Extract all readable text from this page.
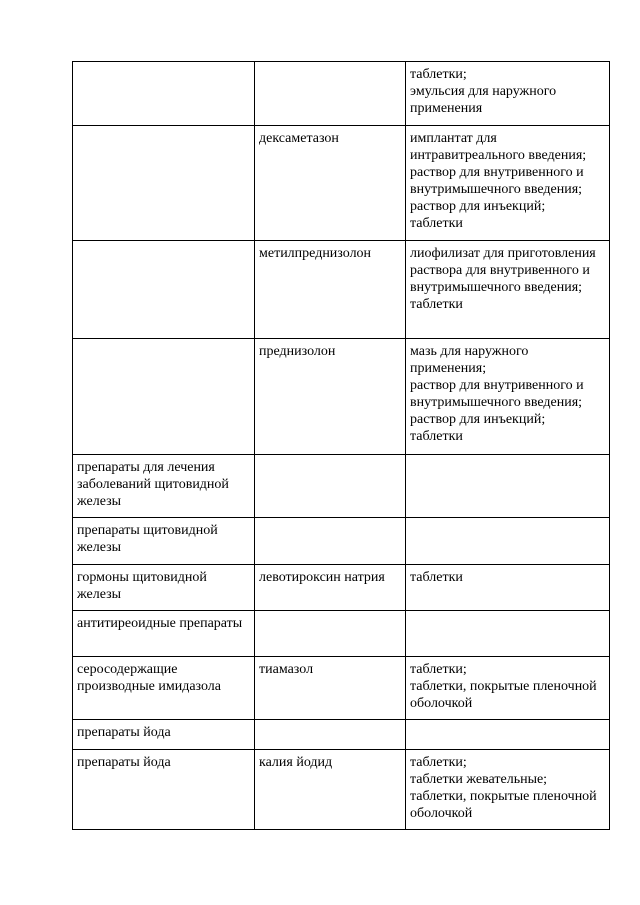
		таблетки;
эмульсия для наружного применения
	дексаметазон	имплантат для интравитреального введения;
раствор для внутривенного и внутримышечного введения;
раствор для инъекций;
таблетки
	метилпреднизолон	лиофилизат для приготовления раствора для внутривенного и внутримышечного введения;
таблетки
	преднизолон	мазь для наружного применения;
раствор для внутривенного и внутримышечного введения;
раствор для инъекций;
таблетки
препараты для лечения заболеваний щитовидной железы		
препараты щитовидной железы		
гормоны щитовидной железы	левотироксин натрия	таблетки
антитиреоидные препараты		
серосодержащие производные имидазола	тиамазол	таблетки;
таблетки, покрытые пленочной оболочкой
препараты йода		
препараты йода	калия йодид	таблетки;
таблетки жевательные;
таблетки, покрытые пленочной оболочкой
